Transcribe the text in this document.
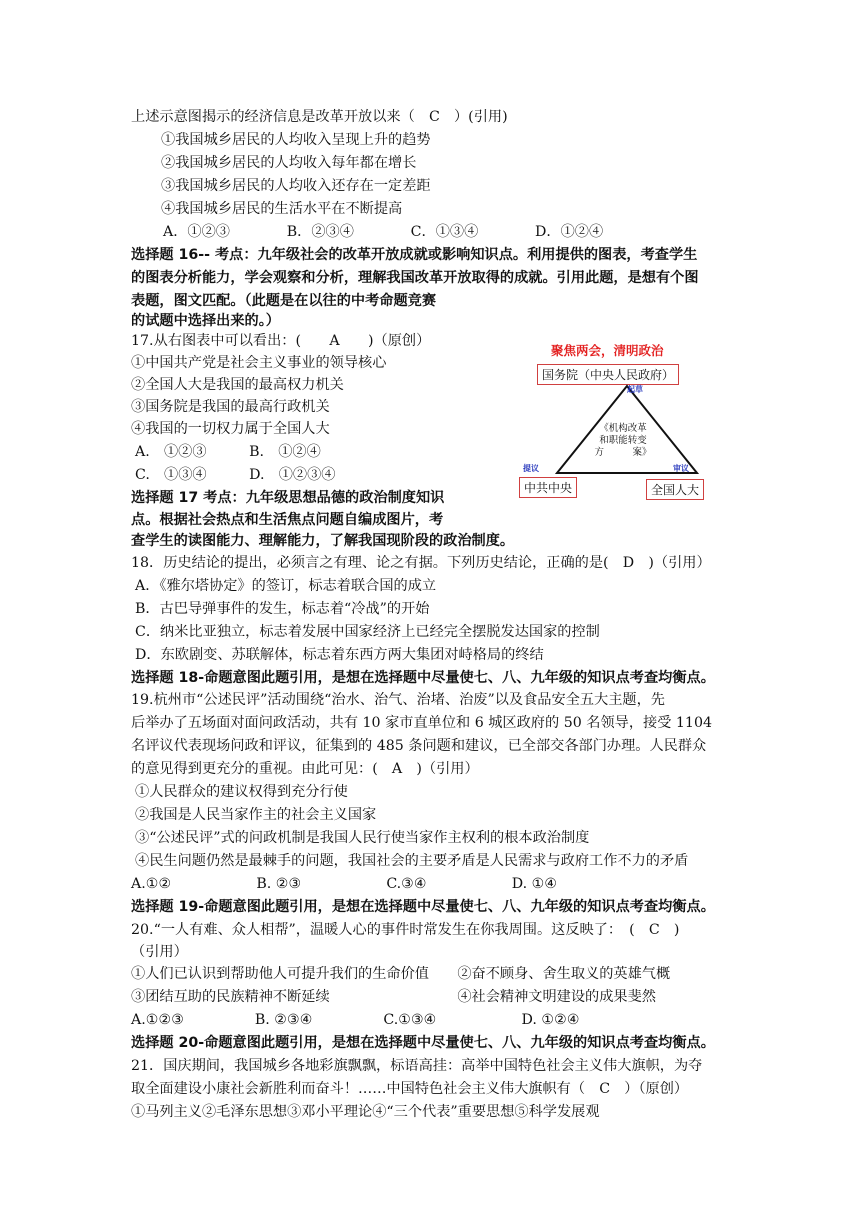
上述示意图揭示的经济信息是改革开放以来（　C　）(引用)
①我国城乡居民的人均收入呈现上升的趋势
②我国城乡居民的人均收入每年都在增长
③我国城乡居民的人均收入还存在一定差距
④我国城乡居民的生活水平在不断提高
A．①②③　　　　B．②③④　　　　C．①③④　　　　D．①②④
选择题 16-- 考点：九年级社会的改革开放成就或影响知识点。利用提供的图表，考查学生
的图表分析能力，学会观察和分析，理解我国改革开放取得的成就。引用此题，是想有个图
表题，图文匹配。（此题是在以往的中考命题竞赛
的试题中选择出来的。）
17.从右图表中可以看出：(　　A　　)（原创）
①中国共产党是社会主义事业的领导核心
②全国人大是我国的最高权力机关
③国务院是我国的最高行政机关
④我国的一切权力属于全国人大
A.　①②③　　　B.　①②④
C.　①③④　　　D.　①②③④
选择题 17 考点：九年级思想品德的政治制度知识
点。根据社会热点和生活焦点问题自编成图片，考
查学生的读图能力、理解能力，了解我国现阶段的政治制度。
聚焦两会，清明政治
国务院（中央人民政府）
起草
提议	审议
《机构改革
和职能转变
方　　　案》
中共中央	全国人大
18．历史结论的提出，必须言之有理、论之有据。下列历史结论，正确的是(　D　)（引用）
A．《雅尔塔协定》的签订，标志着联合国的成立
B．古巴导弹事件的发生，标志着“冷战”的开始
C．纳米比亚独立，标志着发展中国家经济上已经完全摆脱发达国家的控制
D．东欧剧变、苏联解体，标志着东西方两大集团对峙格局的终结
选择题 18-命题意图此题引用，是想在选择题中尽量使七、八、九年级的知识点考查均衡点。
19.杭州市“公述民评”活动围绕“治水、治气、治堵、治废”以及食品安全五大主题，先
后举办了五场面对面问政活动，共有 10 家市直单位和 6 城区政府的 50 名领导，接受 1104
名评议代表现场问政和评议，征集到的 485 条问题和建议，已全部交各部门办理。人民群众
的意见得到更充分的重视。由此可见：(　A　)（引用）
①人民群众的建议权得到充分行使
②我国是人民当家作主的社会主义国家
③“公述民评”式的问政机制是我国人民行使当家作主权利的根本政治制度
④民生问题仍然是最棘手的问题，我国社会的主要矛盾是人民需求与政府工作不力的矛盾
A.①②　　　　　　B. ②③　　　　　　C.③④　　　　　　D. ①④
选择题 19-命题意图此题引用，是想在选择题中尽量使七、八、九年级的知识点考查均衡点。
20.“一人有难、众人相帮”，温暖人心的事件时常发生在你我周围。这反映了：　(　C　)
（引用）
①人们已认识到帮助他人可提升我们的生命价值　　②奋不顾身、舍生取义的英雄气概
③团结互助的民族精神不断延续　　　　　　　　　④社会精神文明建设的成果斐然
A.①②③　　　　　B. ②③④　　　　　C.①③④　　　　　　D. ①②④
选择题 20-命题意图此题引用，是想在选择题中尽量使七、八、九年级的知识点考查均衡点。
21．国庆期间，我国城乡各地彩旗飘飘，标语高挂：高举中国特色社会主义伟大旗帜，为夺
取全面建设小康社会新胜利而奋斗！……中国特色社会主义伟大旗帜有（　C　）（原创）
①马列主义②毛泽东思想③邓小平理论④“三个代表”重要思想⑤科学发展观
